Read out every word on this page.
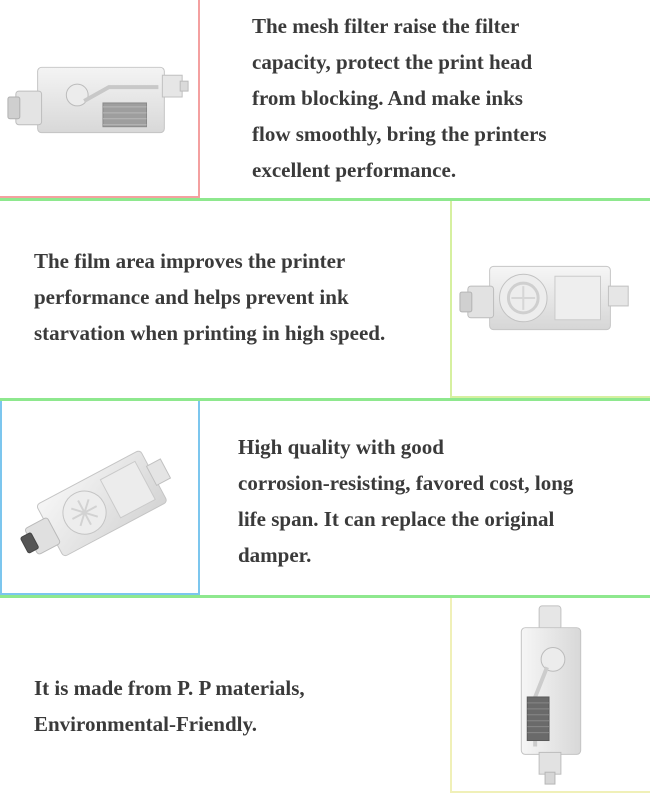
The mesh filter raise the filter
capacity, protect the print head
from blocking. And make inks
flow smoothly, bring the printers
excellent performance.
The film area improves the printer
performance and helps prevent ink
starvation when printing in high speed.
High quality with good
corrosion-resisting, favored cost, long
life span. It can replace the original
damper.
It is made from P. P materials,
Environmental-Friendly.
